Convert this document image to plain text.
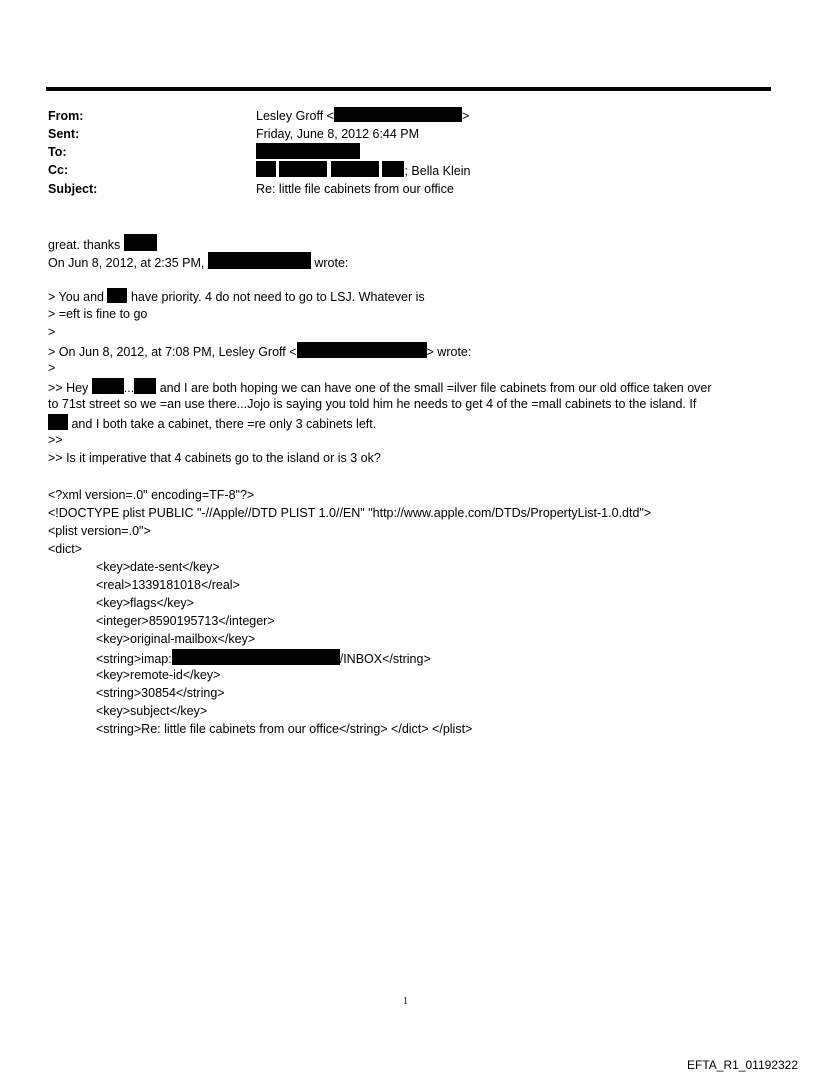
From:	Lesley Groff <	>
Sent:	Friday, June 8, 2012 6:44 PM
To:
Cc:	; Bella Klein
Subject:	Re: little file cabinets from our office
great. thanks
On Jun 8, 2012, at 2:35 PM,	wrote:
> You and have priority. 4 do not need to go to LSJ. Whatever is
> =eft is fine to go
>
> On Jun 8, 2012, at 7:08 PM, Lesley Groff <	> wrote:
>
>> Hey	... and I are both hoping we can have one of the small =ilver file cabinets from our old office taken over
to 71st street so we =an use there...Jojo is saying you told him he needs to get 4 of the =mall cabinets to the island. If
and I both take a cabinet, there =re only 3 cabinets left.
>>
>> Is it imperative that 4 cabinets go to the island or is 3 ok?
<?xml version=.0" encoding=TF-8"?>
<!DOCTYPE plist PUBLIC "-//Apple//DTD PLIST 1.0//EN" "http://www.apple.com/DTDs/PropertyList-1.0.dtd">
<plist version=.0">
<dict>
<key>date-sent</key>
<real>1339181018</real>
<key>flags</key>
<integer>8590195713</integer>
<key>original-mailbox</key>
<string>imap:	/INBOX</string>
<key>remote-id</key>
<string>30854</string>
<key>subject</key>
<string>Re: little file cabinets from our office</string> </dict> </plist>
1
EFTA_R1_01192322
